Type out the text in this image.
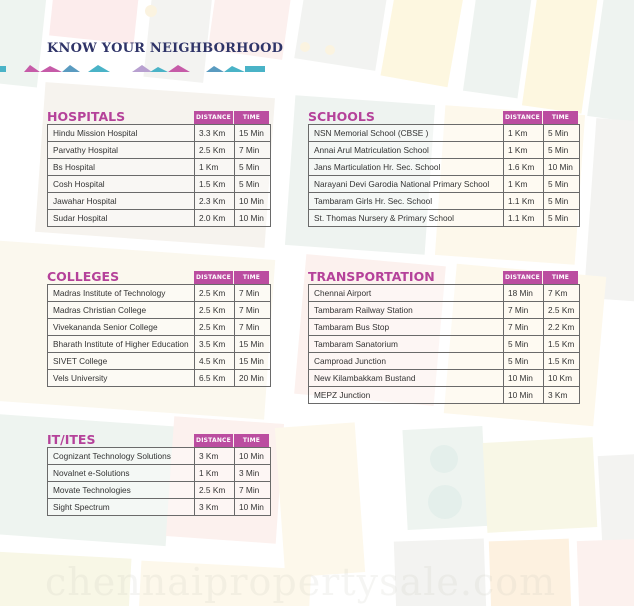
chennaipropertysale.com
KNOW YOUR NEIGHBORHOOD
HOSPITALS	DISTANCE	TIME
Hindu Mission Hospital	3.3 Km	15 Min
Parvathy Hospital	2.5 Km	7 Min
Bs Hospital	1 Km	5 Min
Cosh Hospital	1.5 Km	5 Min
Jawahar Hospital	2.3 Km	10 Min
Sudar Hospital	2.0 Km	10 Min
SCHOOLS	DISTANCE	TIME
NSN Memorial School (CBSE )	1 Km	5 Min
Annai Arul Matriculation School	1 Km	5 Min
Jans Marticulation Hr. Sec. School	1.6 Km	10 Min
Narayani Devi Garodia National Primary School	1 Km	5 Min
Tambaram Girls Hr. Sec. School	1.1 Km	5 Min
St. Thomas Nursery & Primary School	1.1 Km	5 Min
COLLEGES	DISTANCE	TIME
Madras Institute of Technology	2.5 Km	7 Min
Madras Christian College	2.5 Km	7 Min
Vivekananda Senior College	2.5 Km	7 Min
Bharath Institute of Higher Education	3.5 Km	15 Min
SIVET College	4.5 Km	15 Min
Vels University	6.5 Km	20 Min
TRANSPORTATION	DISTANCE	TIME
Chennai Airport	18 Min	7 Km
Tambaram Railway Station	7 Min	2.5 Km
Tambaram Bus Stop	7 Min	2.2 Km
Tambaram Sanatorium	5 Min	1.5 Km
Camproad Junction	5 Min	1.5 Km
New Kilambakkam Bustand	10 Min	10 Km
MEPZ Junction	10 Min	3 Km
IT/ITES	DISTANCE	TIME
Cognizant Technology Solutions	3 Km	10 Min
Novalnet e-Solutions	1 Km	3 Min
Movate Technologies	2.5 Km	7 Min
Sight Spectrum	3 Km	10 Min
